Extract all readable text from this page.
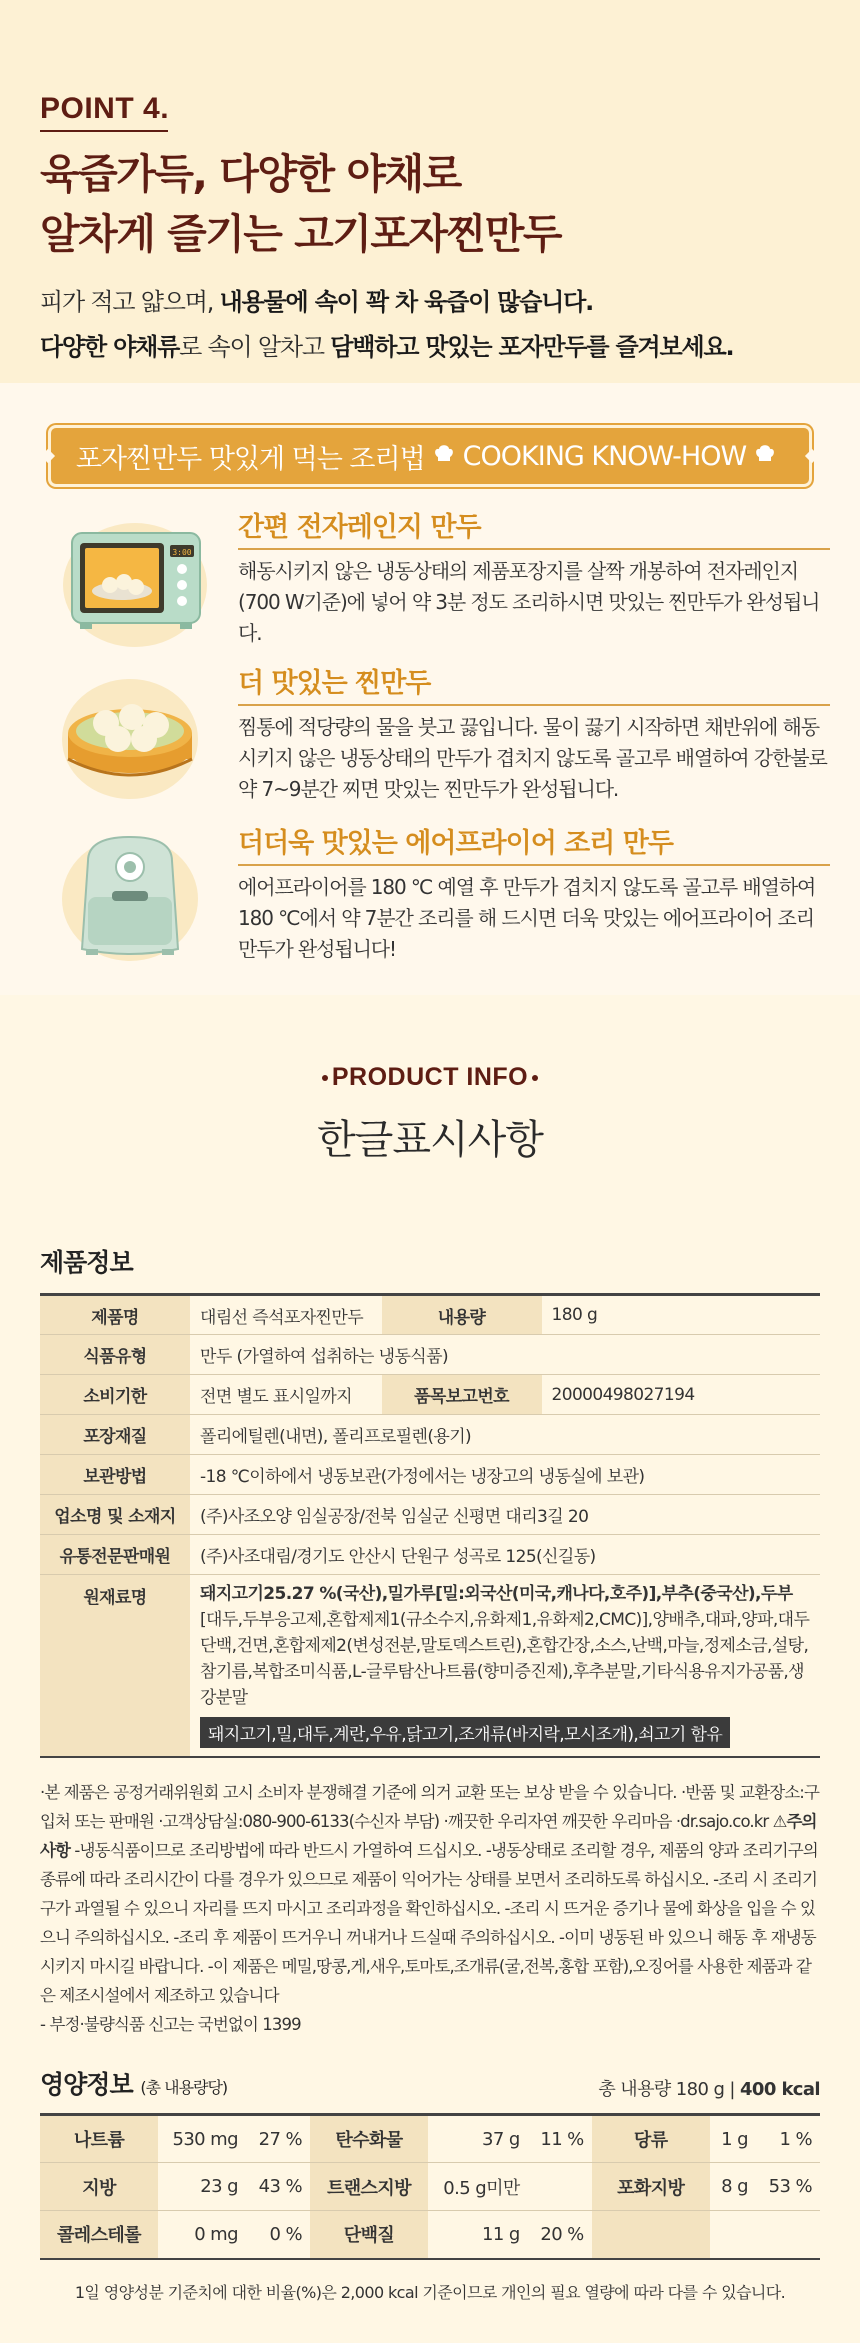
POINT 4.
육즙가득, 다양한 야채로
알차게 즐기는 고기포자찐만두
피가 적고 얇으며, 내용물에 속이 꽉 차 육즙이 많습니다.
다양한 야채류로 속이 알차고 담백하고 맛있는 포자만두를 즐겨보세요.
포자찐만두 맛있게 먹는 조리법 COOKING KNOW-HOW
3:00
간편 전자레인지 만두
해동시키지 않은 냉동상태의 제품포장지를 살짝 개봉하여 전자레인지(700 W기준)에 넣어 약 3분 정도 조리하시면 맛있는 찐만두가 완성됩니다.
더 맛있는 찐만두
찜통에 적당량의 물을 붓고 끓입니다. 물이 끓기 시작하면 채반위에 해동 시키지 않은 냉동상태의 만두가 겹치지 않도록 골고루 배열하여 강한불로 약 7~9분간 찌면 맛있는 찐만두가 완성됩니다.
더더욱 맛있는 에어프라이어 조리 만두
에어프라이어를 180 ℃ 예열 후 만두가 겹치지 않도록 골고루 배열하여 180 ℃에서 약 7분간 조리를 해 드시면 더욱 맛있는 에어프라이어 조리 만두가 완성됩니다!
PRODUCT INFO
한글표시사항
제품정보
제품명	대림선 즉석포자찐만두	내용량	180 g
식품유형	만두 (가열하여 섭취하는 냉동식품)		
소비기한	전면 별도 표시일까지	품목보고번호	20000498027194
포장재질	폴리에틸렌(내면), 폴리프로필렌(용기)		
보관방법	-18 ℃이하에서 냉동보관(가정에서는 냉장고의 냉동실에 보관)		
업소명 및 소재지	(주)사조오양 임실공장/전북 임실군 신평면 대리3길 20		
유통전문판매원	(주)사조대림/경기도 안산시 단원구 성곡로 125(신길동)		
원재료명	돼지고기25.27 %(국산),밀가루[밀:외국산(미국,캐나다,호주)],부추(중국산),두부
[대두,두부응고제,혼합제제1(규소수지,유화제1,유화제2,CMC)],양배추,대파,양파,대두단백,건면,혼합제제2(변성전분,말토덱스트린),혼합간장,소스,난백,마늘,정제소금,설탕,참기름,복합조미식품,L-글루탐산나트륨(향미증진제),후추분말,기타식용유지가공품,생강분말
돼지고기,밀,대두,계란,우유,닭고기,조개류(바지락,모시조개),쇠고기 함유		
·본 제품은 공정거래위원회 고시 소비자 분쟁해결 기준에 의거 교환 또는 보상 받을 수 있습니다. ·반품 및 교환장소:구입처 또는 판매원 ·고객상담실:080-900-6133(수신자 부담) ·깨끗한 우리자연 깨끗한 우리마음 ·dr.sajo.co.kr ⚠주의사항 -냉동식품이므로 조리방법에 따라 반드시 가열하여 드십시오. -냉동상태로 조리할 경우, 제품의 양과 조리기구의 종류에 따라 조리시간이 다를 경우가 있으므로 제품이 익어가는 상태를 보면서 조리하도록 하십시오. -조리 시 조리기구가 과열될 수 있으니 자리를 뜨지 마시고 조리과정을 확인하십시오. -조리 시 뜨거운 증기나 물에 화상을 입을 수 있으니 주의하십시오. -조리 후 제품이 뜨거우니 꺼내거나 드실때 주의하십시오. -이미 냉동된 바 있으니 해동 후 재냉동 시키지 마시길 바랍니다. -이 제품은 메밀,땅콩,게,새우,토마토,조개류(굴,전복,홍합 포함),오징어를 사용한 제품과 같은 제조시설에서 제조하고 있습니다
- 부정·불량식품 신고는 국번없이 1399
영양정보 (총 내용량당)	총 내용량 180 g | 400 kcal
나트륨	530 mg	27 %	탄수화물	37 g	11 %	당류	1 g	1 %
지방	23 g	43 %	트랜스지방	0.5 g미만		포화지방	8 g	53 %
콜레스테롤	0 mg	0 %	단백질	11 g	20 %			
1일 영양성분 기준치에 대한 비율(%)은 2,000 kcal 기준이므로 개인의 필요 열량에 따라 다를 수 있습니다.
